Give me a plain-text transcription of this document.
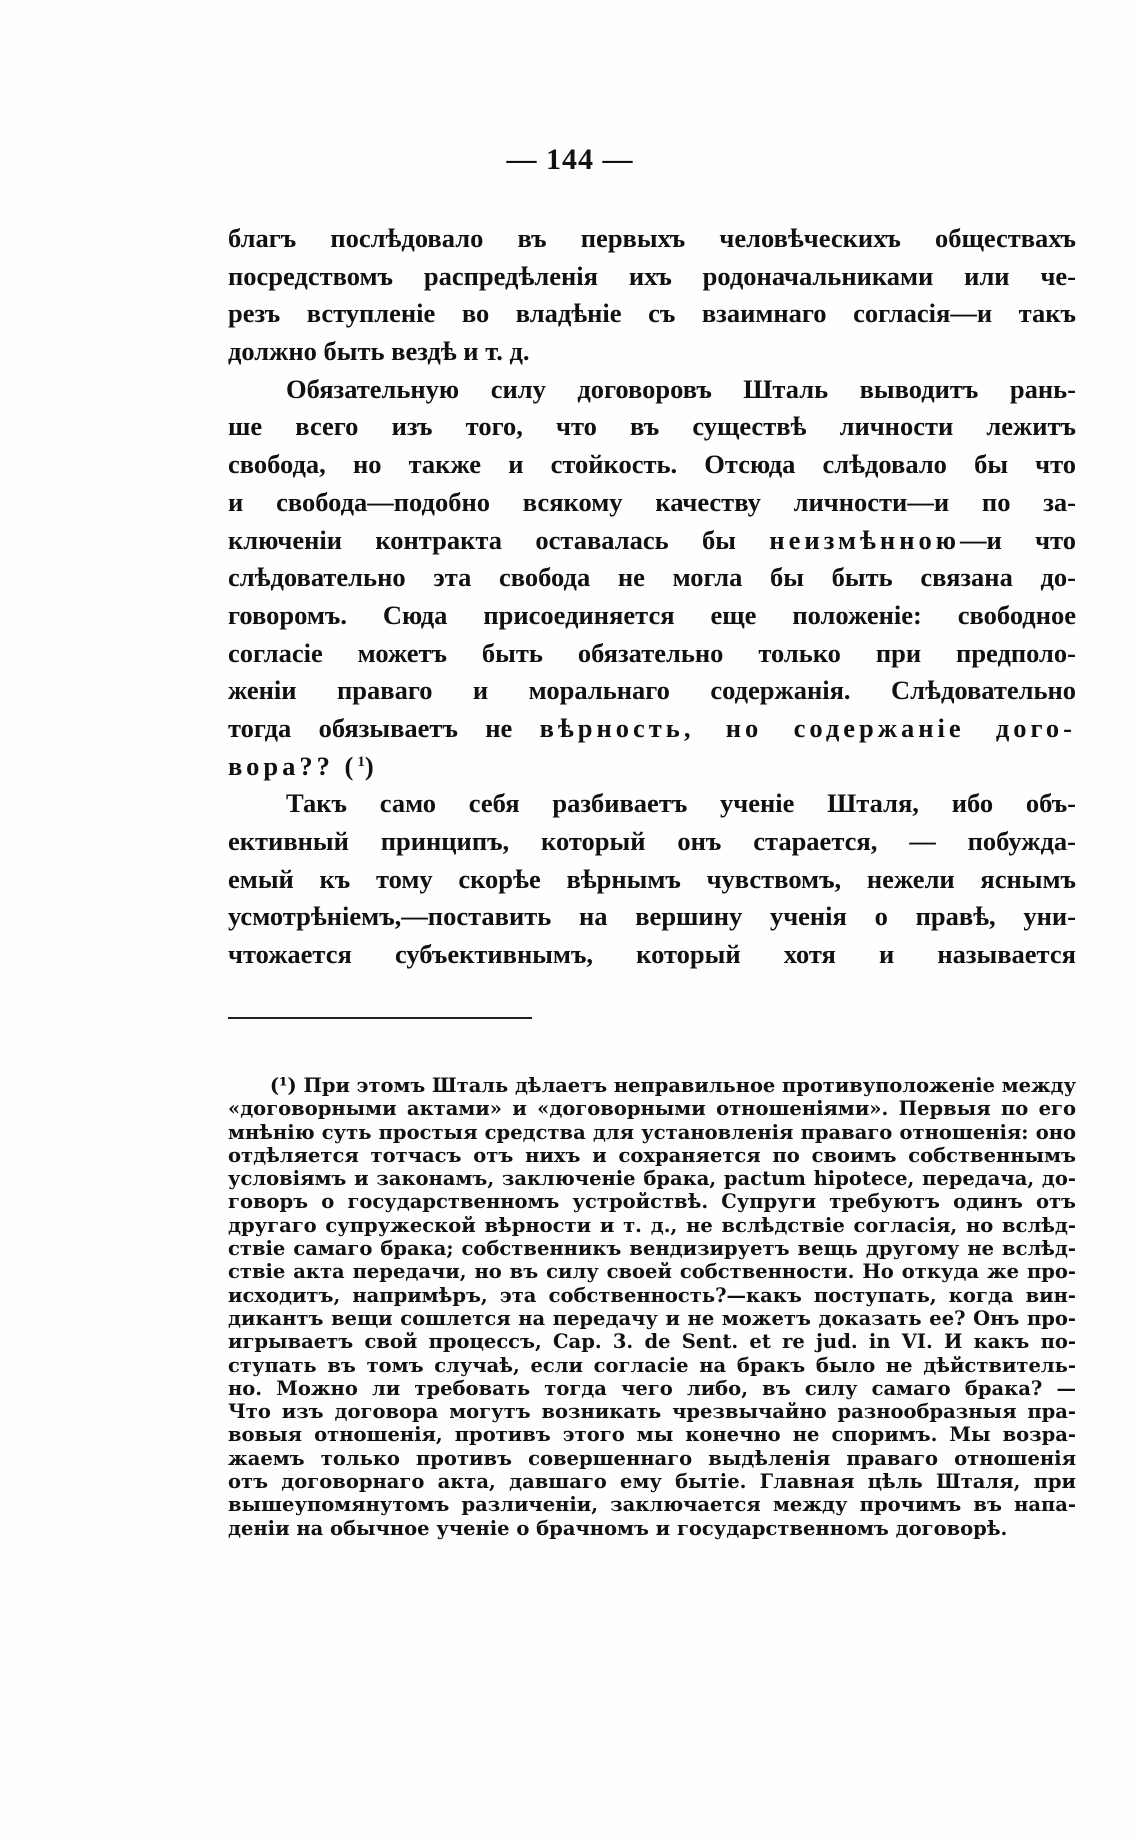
— 144 —
благъ послѣдовало въ первыхъ человѣческихъ обществахъ
посредствомъ распредѣленія ихъ родоначальниками или че-
резъ вступленіе во владѣніе съ взаимнаго согласія—и такъ
должно быть вездѣ и т. д.
Обязательную силу договоровъ Шталь выводитъ рань-
ше всего изъ того, что въ существѣ личности лежитъ
свобода, но также и стойкость. Отсюда слѣдовало бы что
и свобода—подобно всякому качеству личности—и по за-
ключеніи контракта оставалась бы неизмѣнною—и что
слѣдовательно эта свобода не могла бы быть связана до-
говоромъ. Сюда присоединяется еще положеніе: свободное
согласіе можетъ быть обязательно только при предполо-
женіи праваго и моральнаго содержанія. Слѣдовательно
тогда обязываетъ не вѣрность, но содержаніе дого-
вора?? ($^1$)
Такъ само себя разбиваетъ ученіе Шталя, ибо объ-
ективный принципъ, который онъ старается, — побужда-
емый къ тому скорѣе вѣрнымъ чувствомъ, нежели яснымъ
усмотрѣніемъ,—поставить на вершину ученія о правѣ, уни-
чтожается субъективнымъ, который хотя и называется
(¹) При этомъ Шталь дѣлаетъ неправильное противуположеніе между
«договорными актами» и «договорными отношеніями». Первыя по его
мнѣнію суть простыя средства для установленія праваго отношенія: оно
отдѣляется тотчасъ отъ нихъ и сохраняется по своимъ собственнымъ
условіямъ и законамъ, заключеніе брака, pactum hipotece, передача, до-
говоръ о государственномъ устройствѣ. Супруги требуютъ одинъ отъ
другаго супружеской вѣрности и т. д., не вслѣдствіе согласія, но вслѣд-
ствіе самаго брака; собственникъ вендизируетъ вещь другому не вслѣд-
ствіе акта передачи, но въ силу своей собственности. Но откуда же про-
исходитъ, напримѣръ, эта собственность?—какъ поступать, когда вин-
дикантъ вещи сошлется на передачу и не можетъ доказать ее? Онъ про-
игрываетъ свой процессъ, Cap. 3. de Sent. et re jud. in VI. И какъ по-
ступать въ томъ случаѣ, если согласіе на бракъ было не дѣйствитель-
но. Можно ли требовать тогда чего либо, въ силу самаго брака? —
Что изъ договора могутъ возникать чрезвычайно разнообразныя пра-
вовыя отношенія, противъ этого мы конечно не споримъ. Мы возра-
жаемъ только противъ совершеннаго выдѣленія праваго отношенія
отъ договорнаго акта, давшаго ему бытіе. Главная цѣль Шталя, при
вышеупомянутомъ различеніи, заключается между прочимъ въ напа-
деніи на обычное ученіе о брачномъ и государственномъ договорѣ.
